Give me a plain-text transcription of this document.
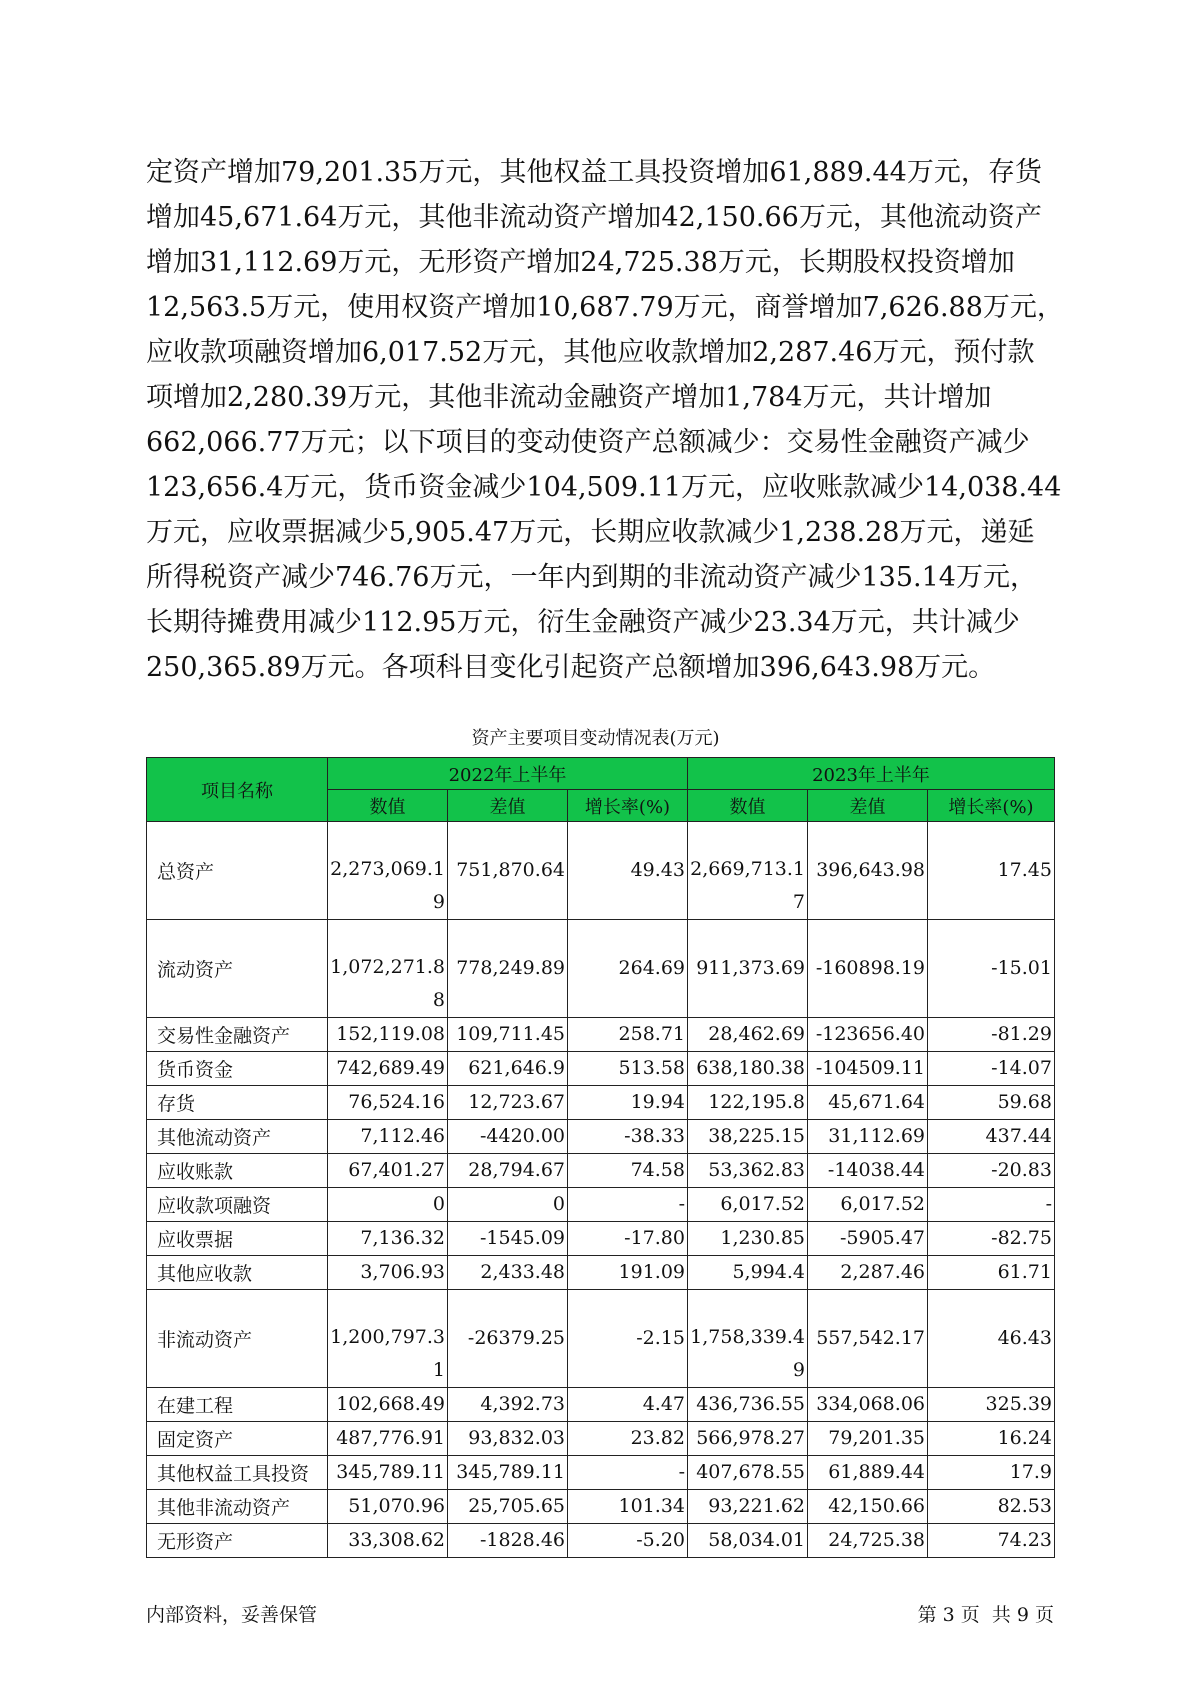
定资产增加79,201.35万元，其他权益工具投资增加61,889.44万元，存货
增加45,671.64万元，其他非流动资产增加42,150.66万元，其他流动资产
增加31,112.69万元，无形资产增加24,725.38万元，长期股权投资增加
12,563.5万元，使用权资产增加10,687.79万元，商誉增加7,626.88万元，
应收款项融资增加6,017.52万元，其他应收款增加2,287.46万元，预付款
项增加2,280.39万元，其他非流动金融资产增加1,784万元，共计增加
662,066.77万元；以下项目的变动使资产总额减少：交易性金融资产减少
123,656.4万元，货币资金减少104,509.11万元，应收账款减少14,038.44
万元，应收票据减少5,905.47万元，长期应收款减少1,238.28万元，递延
所得税资产减少746.76万元，一年内到期的非流动资产减少135.14万元，
长期待摊费用减少112.95万元，衍生金融资产减少23.34万元，共计减少
250,365.89万元。各项科目变化引起资产总额增加396,643.98万元。
资产主要项目变动情况表(万元)
项目名称	2022年上半年			2023年上半年		
	数值	差值	增长率(%)	数值	差值	增长率(%)
总资产	2,273,069.19	751,870.64	49.43	2,669,713.17	396,643.98	17.45
流动资产	1,072,271.88	778,249.89	264.69	911,373.69	-160898.19	-15.01
交易性金融资产	152,119.08	109,711.45	258.71	28,462.69	-123656.40	-81.29
货币资金	742,689.49	621,646.9	513.58	638,180.38	-104509.11	-14.07
存货	76,524.16	12,723.67	19.94	122,195.8	45,671.64	59.68
其他流动资产	7,112.46	-4420.00	-38.33	38,225.15	31,112.69	437.44
应收账款	67,401.27	28,794.67	74.58	53,362.83	-14038.44	-20.83
应收款项融资	0	0	-	6,017.52	6,017.52	-
应收票据	7,136.32	-1545.09	-17.80	1,230.85	-5905.47	-82.75
其他应收款	3,706.93	2,433.48	191.09	5,994.4	2,287.46	61.71
非流动资产	1,200,797.31	-26379.25	-2.15	1,758,339.49	557,542.17	46.43
在建工程	102,668.49	4,392.73	4.47	436,736.55	334,068.06	325.39
固定资产	487,776.91	93,832.03	23.82	566,978.27	79,201.35	16.24
其他权益工具投资	345,789.11	345,789.11	-	407,678.55	61,889.44	17.9
其他非流动资产	51,070.96	25,705.65	101.34	93,221.62	42,150.66	82.53
无形资产	33,308.62	-1828.46	-5.20	58,034.01	24,725.38	74.23
内部资料，妥善保管	第 3 页  共 9 页
